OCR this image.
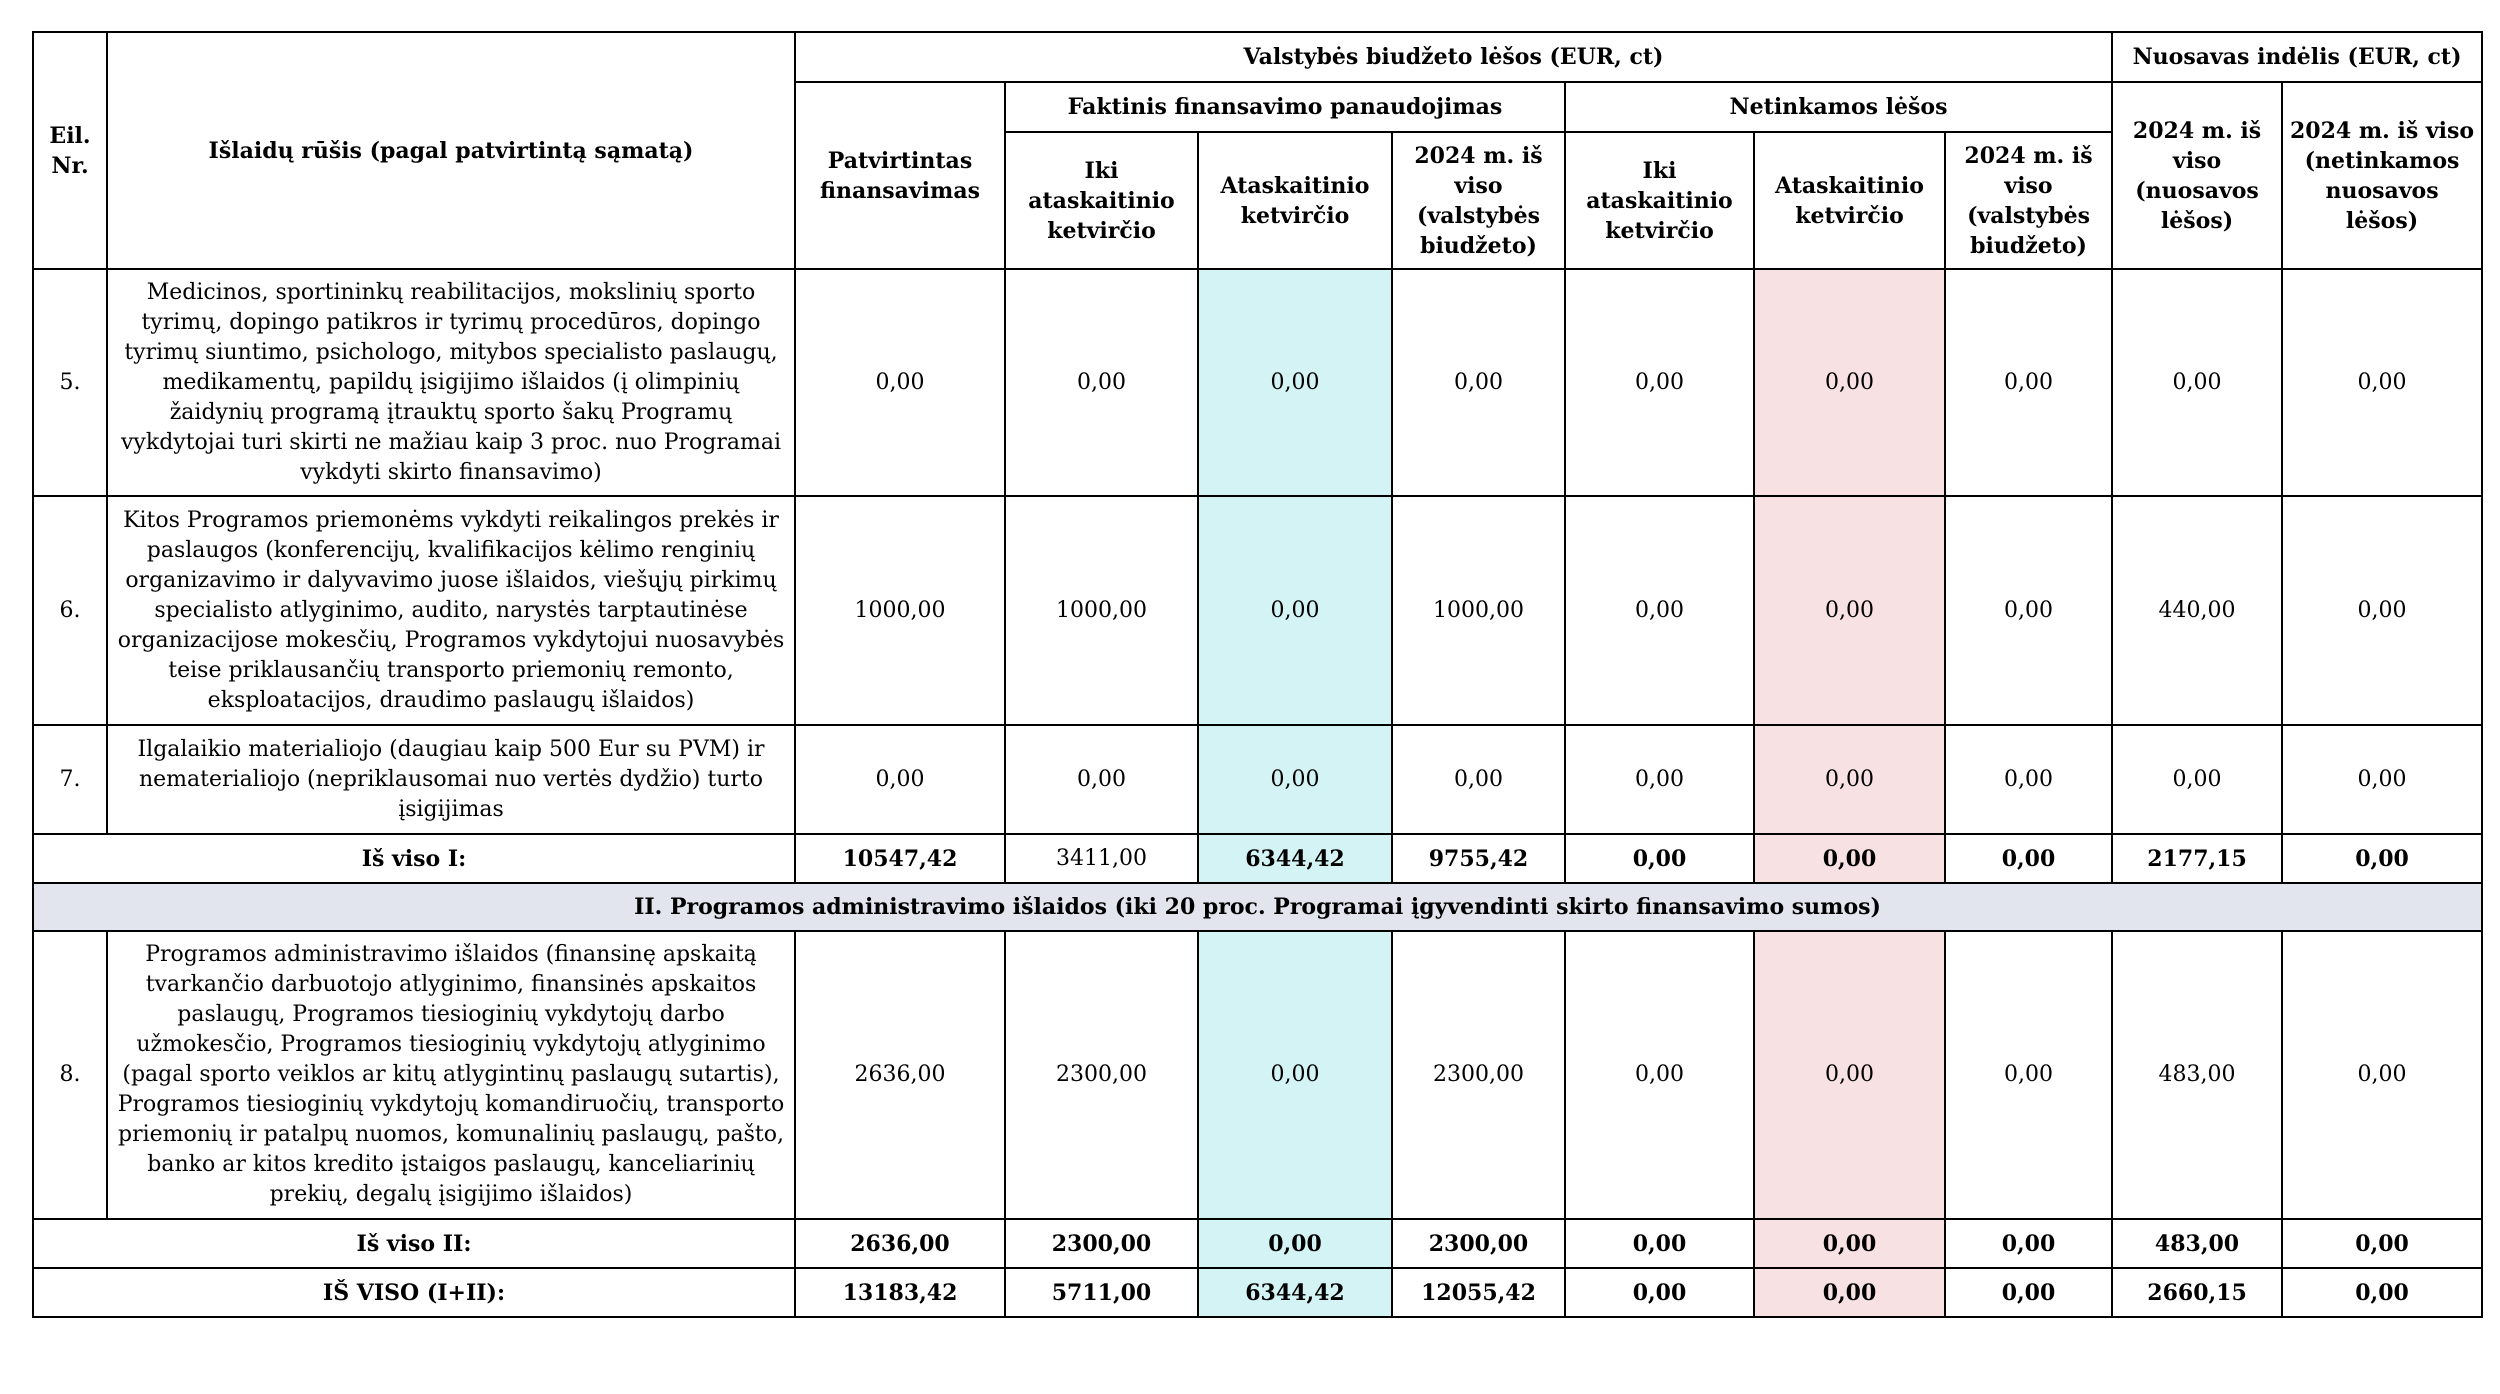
Eil.
Nr.	Išlaidų rūšis (pagal patvirtintą sąmatą)	Valstybės biudžeto lėšos (EUR, ct)							Nuosavas indėlis (EUR, ct)	
		Patvirtintas finansavimas	Faktinis finansavimo panaudojimas			Netinkamos lėšos			2024 m. iš viso (nuosavos lėšos)	2024 m. iš viso (netinkamos nuosavos lėšos)
			Iki ataskaitinio ketvirčio	Ataskaitinio ketvirčio	2024 m. iš viso (valstybės biudžeto)	Iki ataskaitinio ketvirčio	Ataskaitinio ketvirčio	2024 m. iš viso (valstybės biudžeto)		
5.	Medicinos, sportininkų reabilitacijos, mokslinių sporto tyrimų, dopingo patikros ir tyrimų procedūros, dopingo tyrimų siuntimo, psichologo, mitybos specialisto paslaugų, medikamentų, papildų įsigijimo išlaidos (į olimpinių žaidynių programą įtrauktų sporto šakų Programų vykdytojai turi skirti ne mažiau kaip 3 proc. nuo Programai vykdyti skirto finansavimo)	0,00	0,00	0,00	0,00	0,00	0,00	0,00	0,00	0,00
6.	Kitos Programos priemonėms vykdyti reikalingos prekės ir paslaugos (konferencijų, kvalifikacijos kėlimo renginių organizavimo ir dalyvavimo juose išlaidos, viešųjų pirkimų specialisto atlyginimo, audito, narystės tarptautinėse organizacijose mokesčių, Programos vykdytojui nuosavybės teise priklausančių transporto priemonių remonto, eksploatacijos, draudimo paslaugų išlaidos)	1000,00	1000,00	0,00	1000,00	0,00	0,00	0,00	440,00	0,00
7.	Ilgalaikio materialiojo (daugiau kaip 500 Eur su PVM) ir nematerialiojo (nepriklausomai nuo vertės dydžio) turto įsigijimas	0,00	0,00	0,00	0,00	0,00	0,00	0,00	0,00	0,00
Iš viso I:		10547,42	3411,00	6344,42	9755,42	0,00	0,00	0,00	2177,15	0,00
II. Programos administravimo išlaidos (iki 20 proc. Programai įgyvendinti skirto finansavimo sumos)										
8.	Programos administravimo išlaidos (finansinę apskaitą tvarkančio darbuotojo atlyginimo, finansinės apskaitos paslaugų, Programos tiesioginių vykdytojų darbo užmokesčio, Programos tiesioginių vykdytojų atlyginimo (pagal sporto veiklos ar kitų atlygintinų paslaugų sutartis), Programos tiesioginių vykdytojų komandiruočių, transporto priemonių ir patalpų nuomos, komunalinių paslaugų, pašto, banko ar kitos kredito įstaigos paslaugų, kanceliarinių prekių, degalų įsigijimo išlaidos)	2636,00	2300,00	0,00	2300,00	0,00	0,00	0,00	483,00	0,00
Iš viso II:		2636,00	2300,00	0,00	2300,00	0,00	0,00	0,00	483,00	0,00
IŠ VISO (I+II):		13183,42	5711,00	6344,42	12055,42	0,00	0,00	0,00	2660,15	0,00
